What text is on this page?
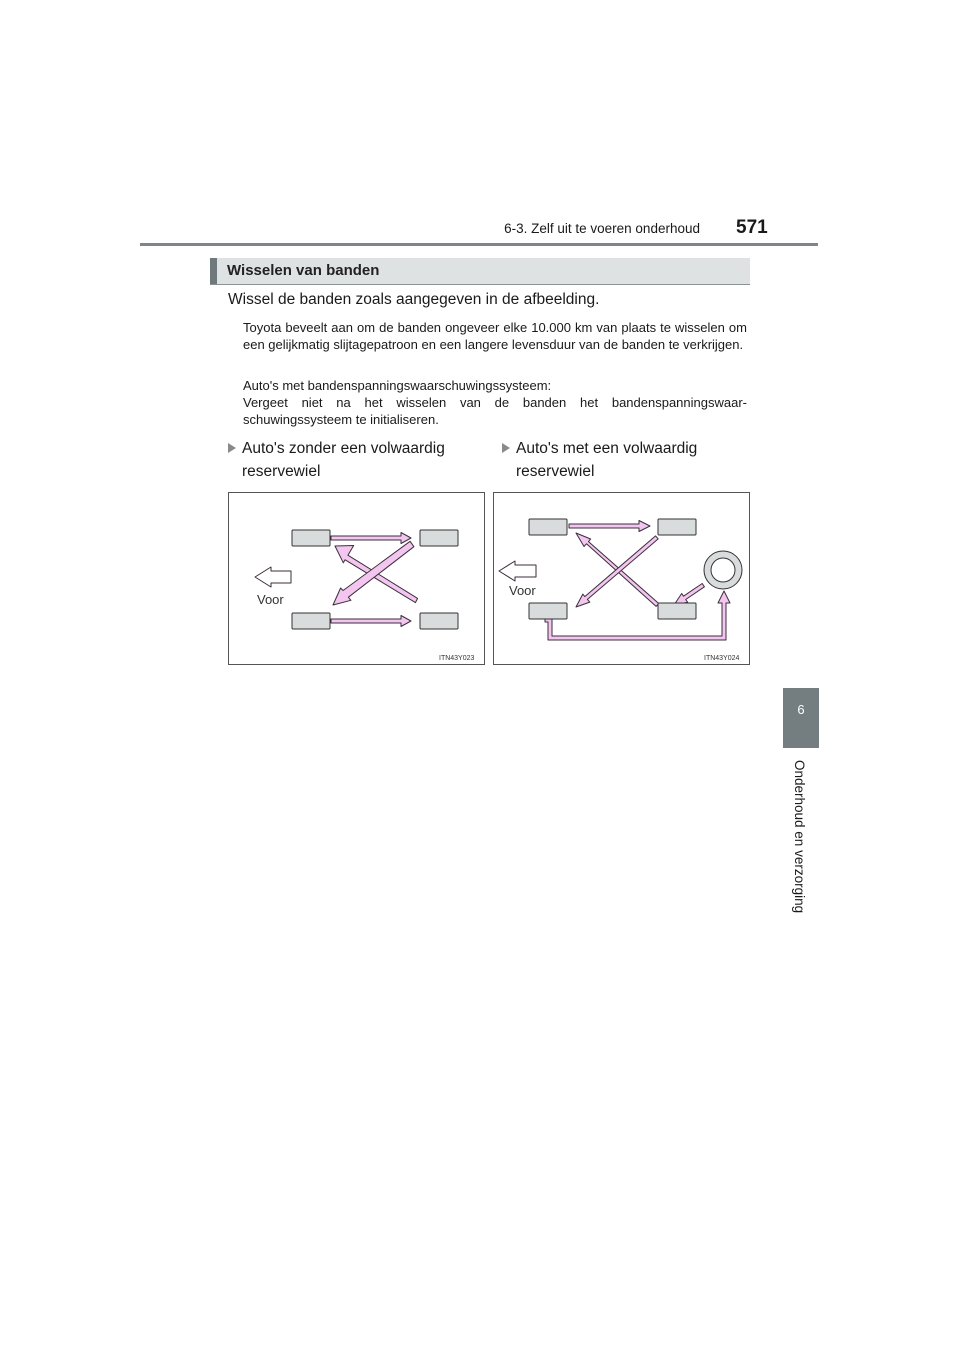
6-3. Zelf uit te voeren onderhoud 571
6
Onderhoud en verzorging
Wisselen van banden
Wissel de banden zoals aangegeven in de afbeelding.
Toyota beveelt aan om de banden ongeveer elke 10.000 km van plaats te wisselen om een gelijkmatig slijtagepatroon en een langere levensduur van de banden te verkrijgen.
Auto's met bandenspanningswaarschuwingssysteem:
Vergeet niet na het wisselen van de banden het bandenspanningswaar-schuwingssysteem te initialiseren.
Auto's zonder een volwaardig reservewiel
Auto's met een volwaardig reservewiel
Voor
ITN43Y023
Voor
ITN43Y024
